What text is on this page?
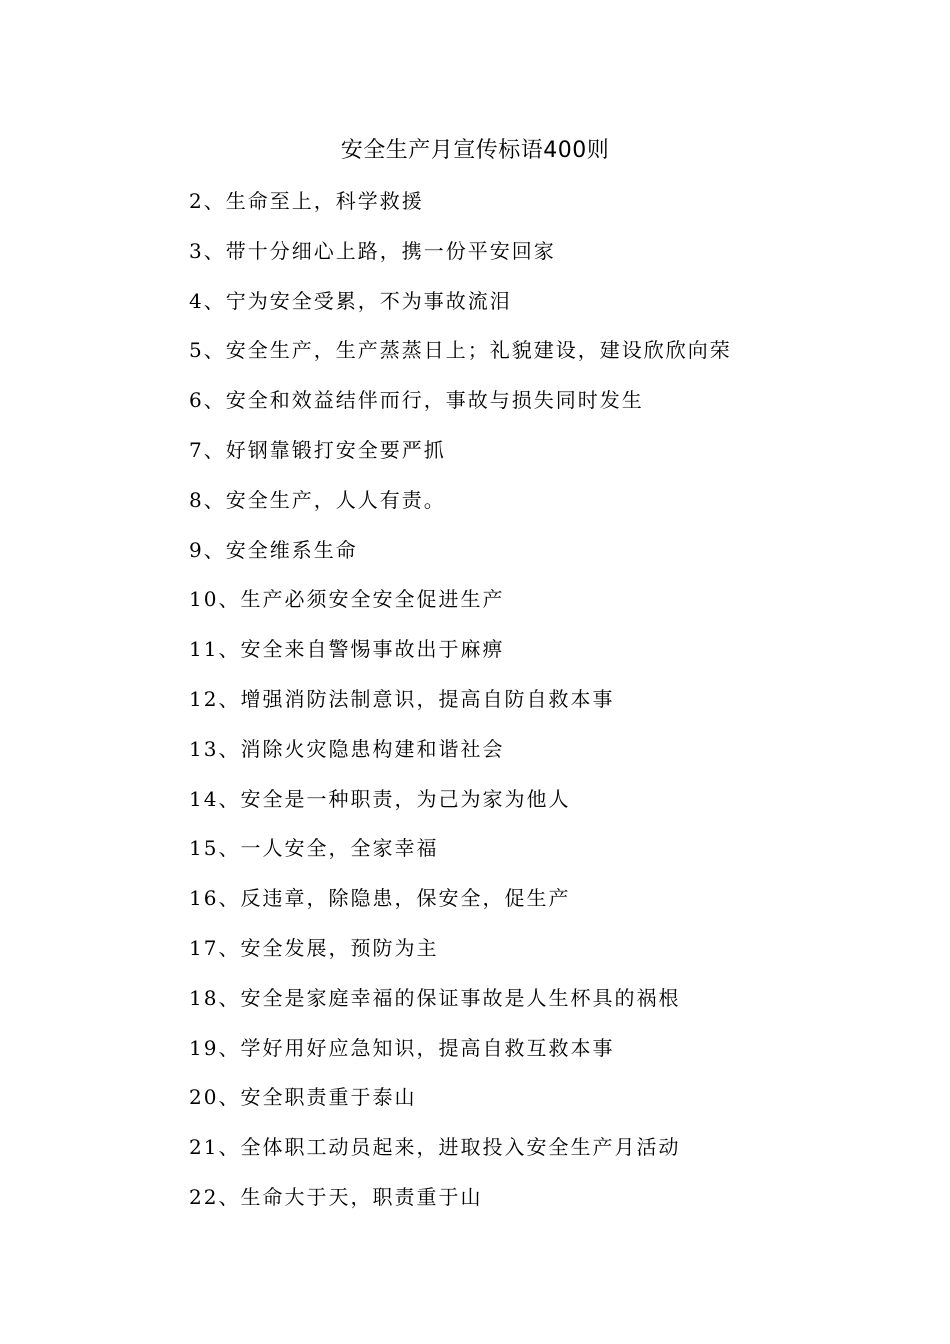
安全生产月宣传标语400则
2、生命至上，科学救援
3、带十分细心上路，携一份平安回家
4、宁为安全受累，不为事故流泪
5、安全生产，生产蒸蒸日上；礼貌建设，建设欣欣向荣
6、安全和效益结伴而行，事故与损失同时发生
7、好钢靠锻打安全要严抓
8、安全生产，人人有责。
9、安全维系生命
10、生产必须安全安全促进生产
11、安全来自警惕事故出于麻痹
12、增强消防法制意识，提高自防自救本事
13、消除火灾隐患构建和谐社会
14、安全是一种职责，为己为家为他人
15、一人安全，全家幸福
16、反违章，除隐患，保安全，促生产
17、安全发展，预防为主
18、安全是家庭幸福的保证事故是人生杯具的祸根
19、学好用好应急知识，提高自救互救本事
20、安全职责重于泰山
21、全体职工动员起来，进取投入安全生产月活动
22、生命大于天，职责重于山
